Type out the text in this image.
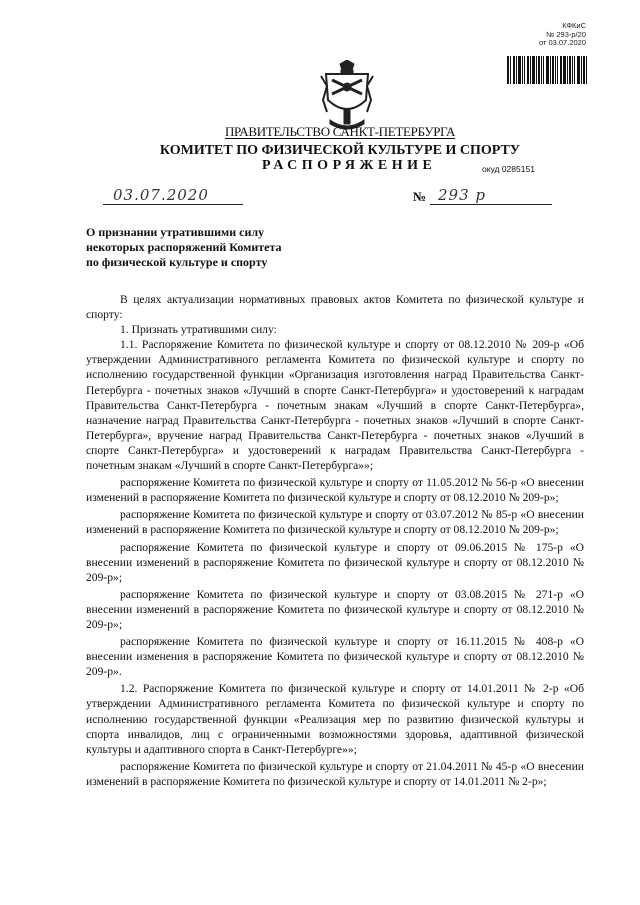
КФКиС
№ 293-р/20
от 03.07.2020
ПРАВИТЕЛЬСТВО САНКТ-ПЕТЕРБУРГА
КОМИТЕТ ПО ФИЗИЧЕСКОЙ КУЛЬТУРЕ И СПОРТУ
РАСПОРЯЖЕНИЕ	окуд 0285151
03.07.2020	№ 293 р
О признании утратившими силу
некоторых распоряжений Комитета
по физической культуре и спорту

В целях актуализации нормативных правовых актов Комитета по физической культуре и спорту:

1. Признать утратившими силу:

1.1. Распоряжение Комитета по физической культуре и спорту от 08.12.2010 № 209-р «Об утверждении Административного регламента Комитета по физической культуре и спорту по исполнению государственной функции «Организация изготовления наград Правительства Санкт-Петербурга - почетных знаков «Лучший в спорте Санкт-Петербурга» и удостоверений к наградам Правительства Санкт-Петербурга - почетным знакам «Лучший в спорте Санкт-Петербурга», назначение наград Правительства Санкт-Петербурга - почетных знаков «Лучший в спорте Санкт-Петербурга», вручение наград Правительства Санкт-Петербурга - почетных знаков «Лучший в спорте Санкт-Петербурга» и удостоверений к наградам Правительства Санкт-Петербурга - почетным знакам «Лучший в спорте Санкт-Петербурга»»;

распоряжение Комитета по физической культуре и спорту от 11.05.2012 № 56-р «О внесении изменений в распоряжение Комитета по физической культуре и спорту от 08.12.2010 № 209-р»;

распоряжение Комитета по физической культуре и спорту от 03.07.2012 № 85-р «О внесении изменений в распоряжение Комитета по физической культуре и спорту от 08.12.2010 № 209-р»;

распоряжение Комитета по физической культуре и спорту от 09.06.2015 № 175-р «О внесении изменений в распоряжение Комитета по физической культуре и спорту от 08.12.2010 № 209-р»;

распоряжение Комитета по физической культуре и спорту от 03.08.2015 № 271-р «О внесении изменений в распоряжение Комитета по физической культуре и спорту от 08.12.2010 № 209-р»;

распоряжение Комитета по физической культуре и спорту от 16.11.2015 № 408-р «О внесении изменения в распоряжение Комитета по физической культуре и спорту от 08.12.2010 № 209-р».

1.2. Распоряжение Комитета по физической культуре и спорту от 14.01.2011 № 2-р «Об утверждении Административного регламента Комитета по физической культуре и спорту по исполнению государственной функции «Реализация мер по развитию физической культуры и спорта инвалидов, лиц с ограниченными возможностями здоровья, адаптивной физической культуры и адаптивного спорта в Санкт-Петербурге»»;

распоряжение Комитета по физической культуре и спорту от 21.04.2011 № 45-р «О внесении изменений в распоряжение Комитета по физической культуре и спорту от 14.01.2011 № 2-р»;
